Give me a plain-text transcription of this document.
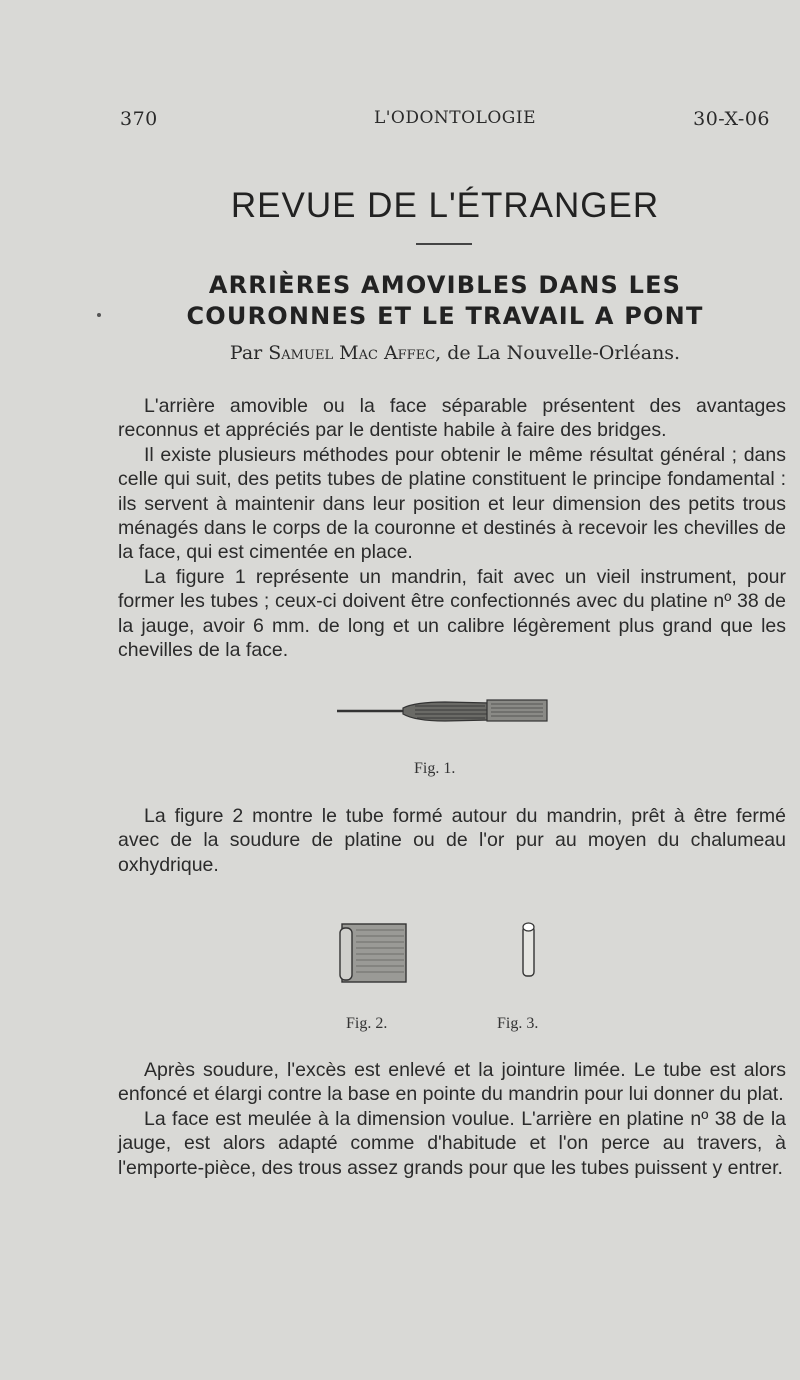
370	L'ODONTOLOGIE	30-X-06
REVUE DE L'ÉTRANGER
ARRIÈRES AMOVIBLES DANS LES
COURONNES ET LE TRAVAIL A PONT
Par Samuel Mac Affec, de La Nouvelle-Orléans.

L'arrière amovible ou la face séparable présentent des avantages reconnus et appréciés par le dentiste habile à faire des bridges.

Il existe plusieurs méthodes pour obtenir le même résultat général ; dans celle qui suit, des petits tubes de platine constituent le principe fondamental : ils servent à maintenir dans leur position et leur dimension des petits trous ménagés dans le corps de la couronne et destinés à recevoir les chevilles de la face, qui est cimentée en place.

La figure 1 représente un mandrin, fait avec un vieil instrument, pour former les tubes ; ceux-ci doivent être confectionnés avec du platine nº 38 de la jauge, avoir 6 mm. de long et un calibre légèrement plus grand que les chevilles de la face.

Fig. 1.

La figure 2 montre le tube formé autour du mandrin, prêt à être fermé avec de la soudure de platine ou de l'or pur au moyen du chalumeau oxhydrique.

Fig. 2.	Fig. 3.

Après soudure, l'excès est enlevé et la jointure limée. Le tube est alors enfoncé et élargi contre la base en pointe du mandrin pour lui donner du plat.

La face est meulée à la dimension voulue. L'arrière en platine nº 38 de la jauge, est alors adapté comme d'habitude et l'on perce au travers, à l'emporte-pièce, des trous assez grands pour que les tubes puissent y entrer.
